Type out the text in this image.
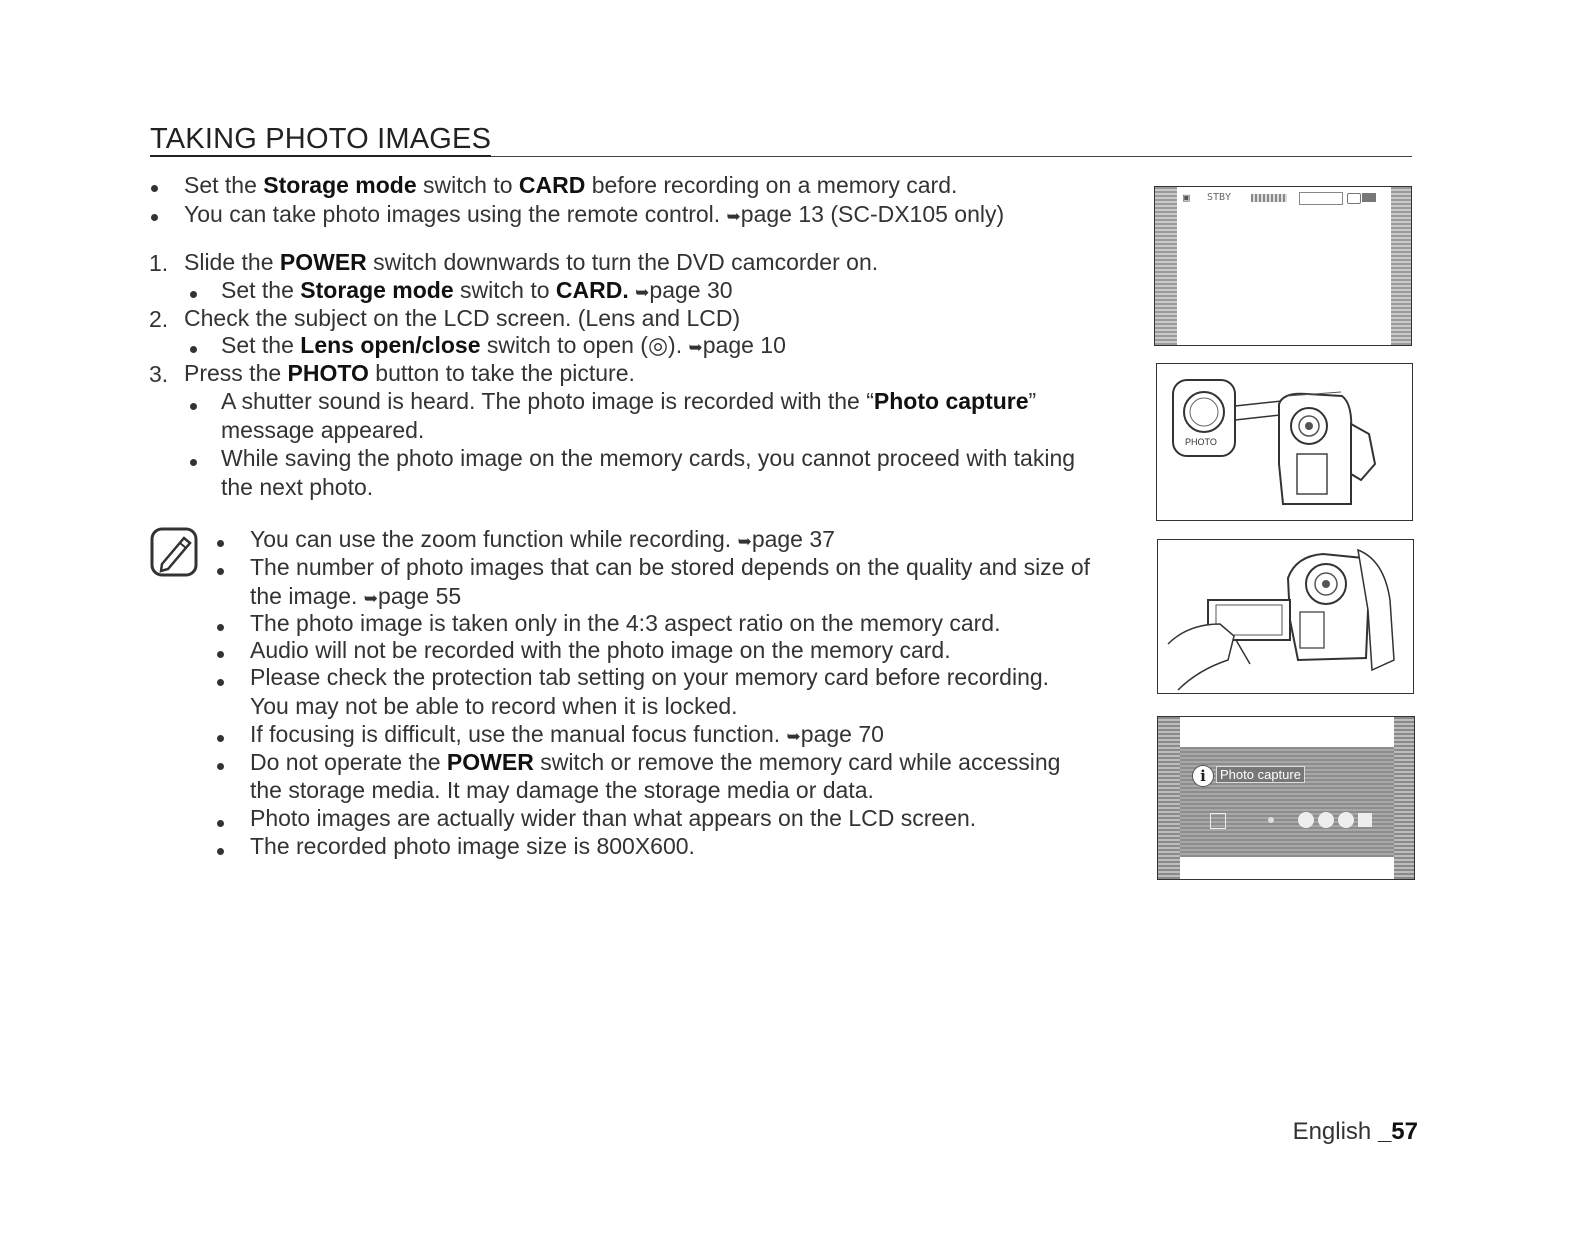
TAKING PHOTO IMAGES
Set the Storage mode switch to CARD before recording on a memory card.
You can take photo images using the remote control. ➥page 13 (SC-DX105 only)
1. Slide the POWER switch downwards to turn the DVD camcorder on.
Set the Storage mode switch to CARD. ➥page 30
2. Check the subject on the LCD screen. (Lens and LCD)
Set the Lens open/close switch to open (◎). ➥page 10
3. Press the PHOTO button to take the picture.
A shutter sound is heard. The photo image is recorded with the “Photo capture”
message appeared.
While saving the photo image on the memory cards, you cannot proceed with taking
the next photo.
You can use the zoom function while recording. ➥page 37
The number of photo images that can be stored depends on the quality and size of
the image. ➥page 55
The photo image is taken only in the 4:3 aspect ratio on the memory card.
Audio will not be recorded with the photo image on the memory card.
Please check the protection tab setting on your memory card before recording.
You may not be able to record when it is locked.
If focusing is difficult, use the manual focus function. ➥page 70
Do not operate the POWER switch or remove the memory card while accessing
the storage media. It may damage the storage media or data.
Photo images are actually wider than what appears on the LCD screen.
The recorded photo image size is 800X600.
▣ STBY
PHOTO
i	Photo capture
English _57
